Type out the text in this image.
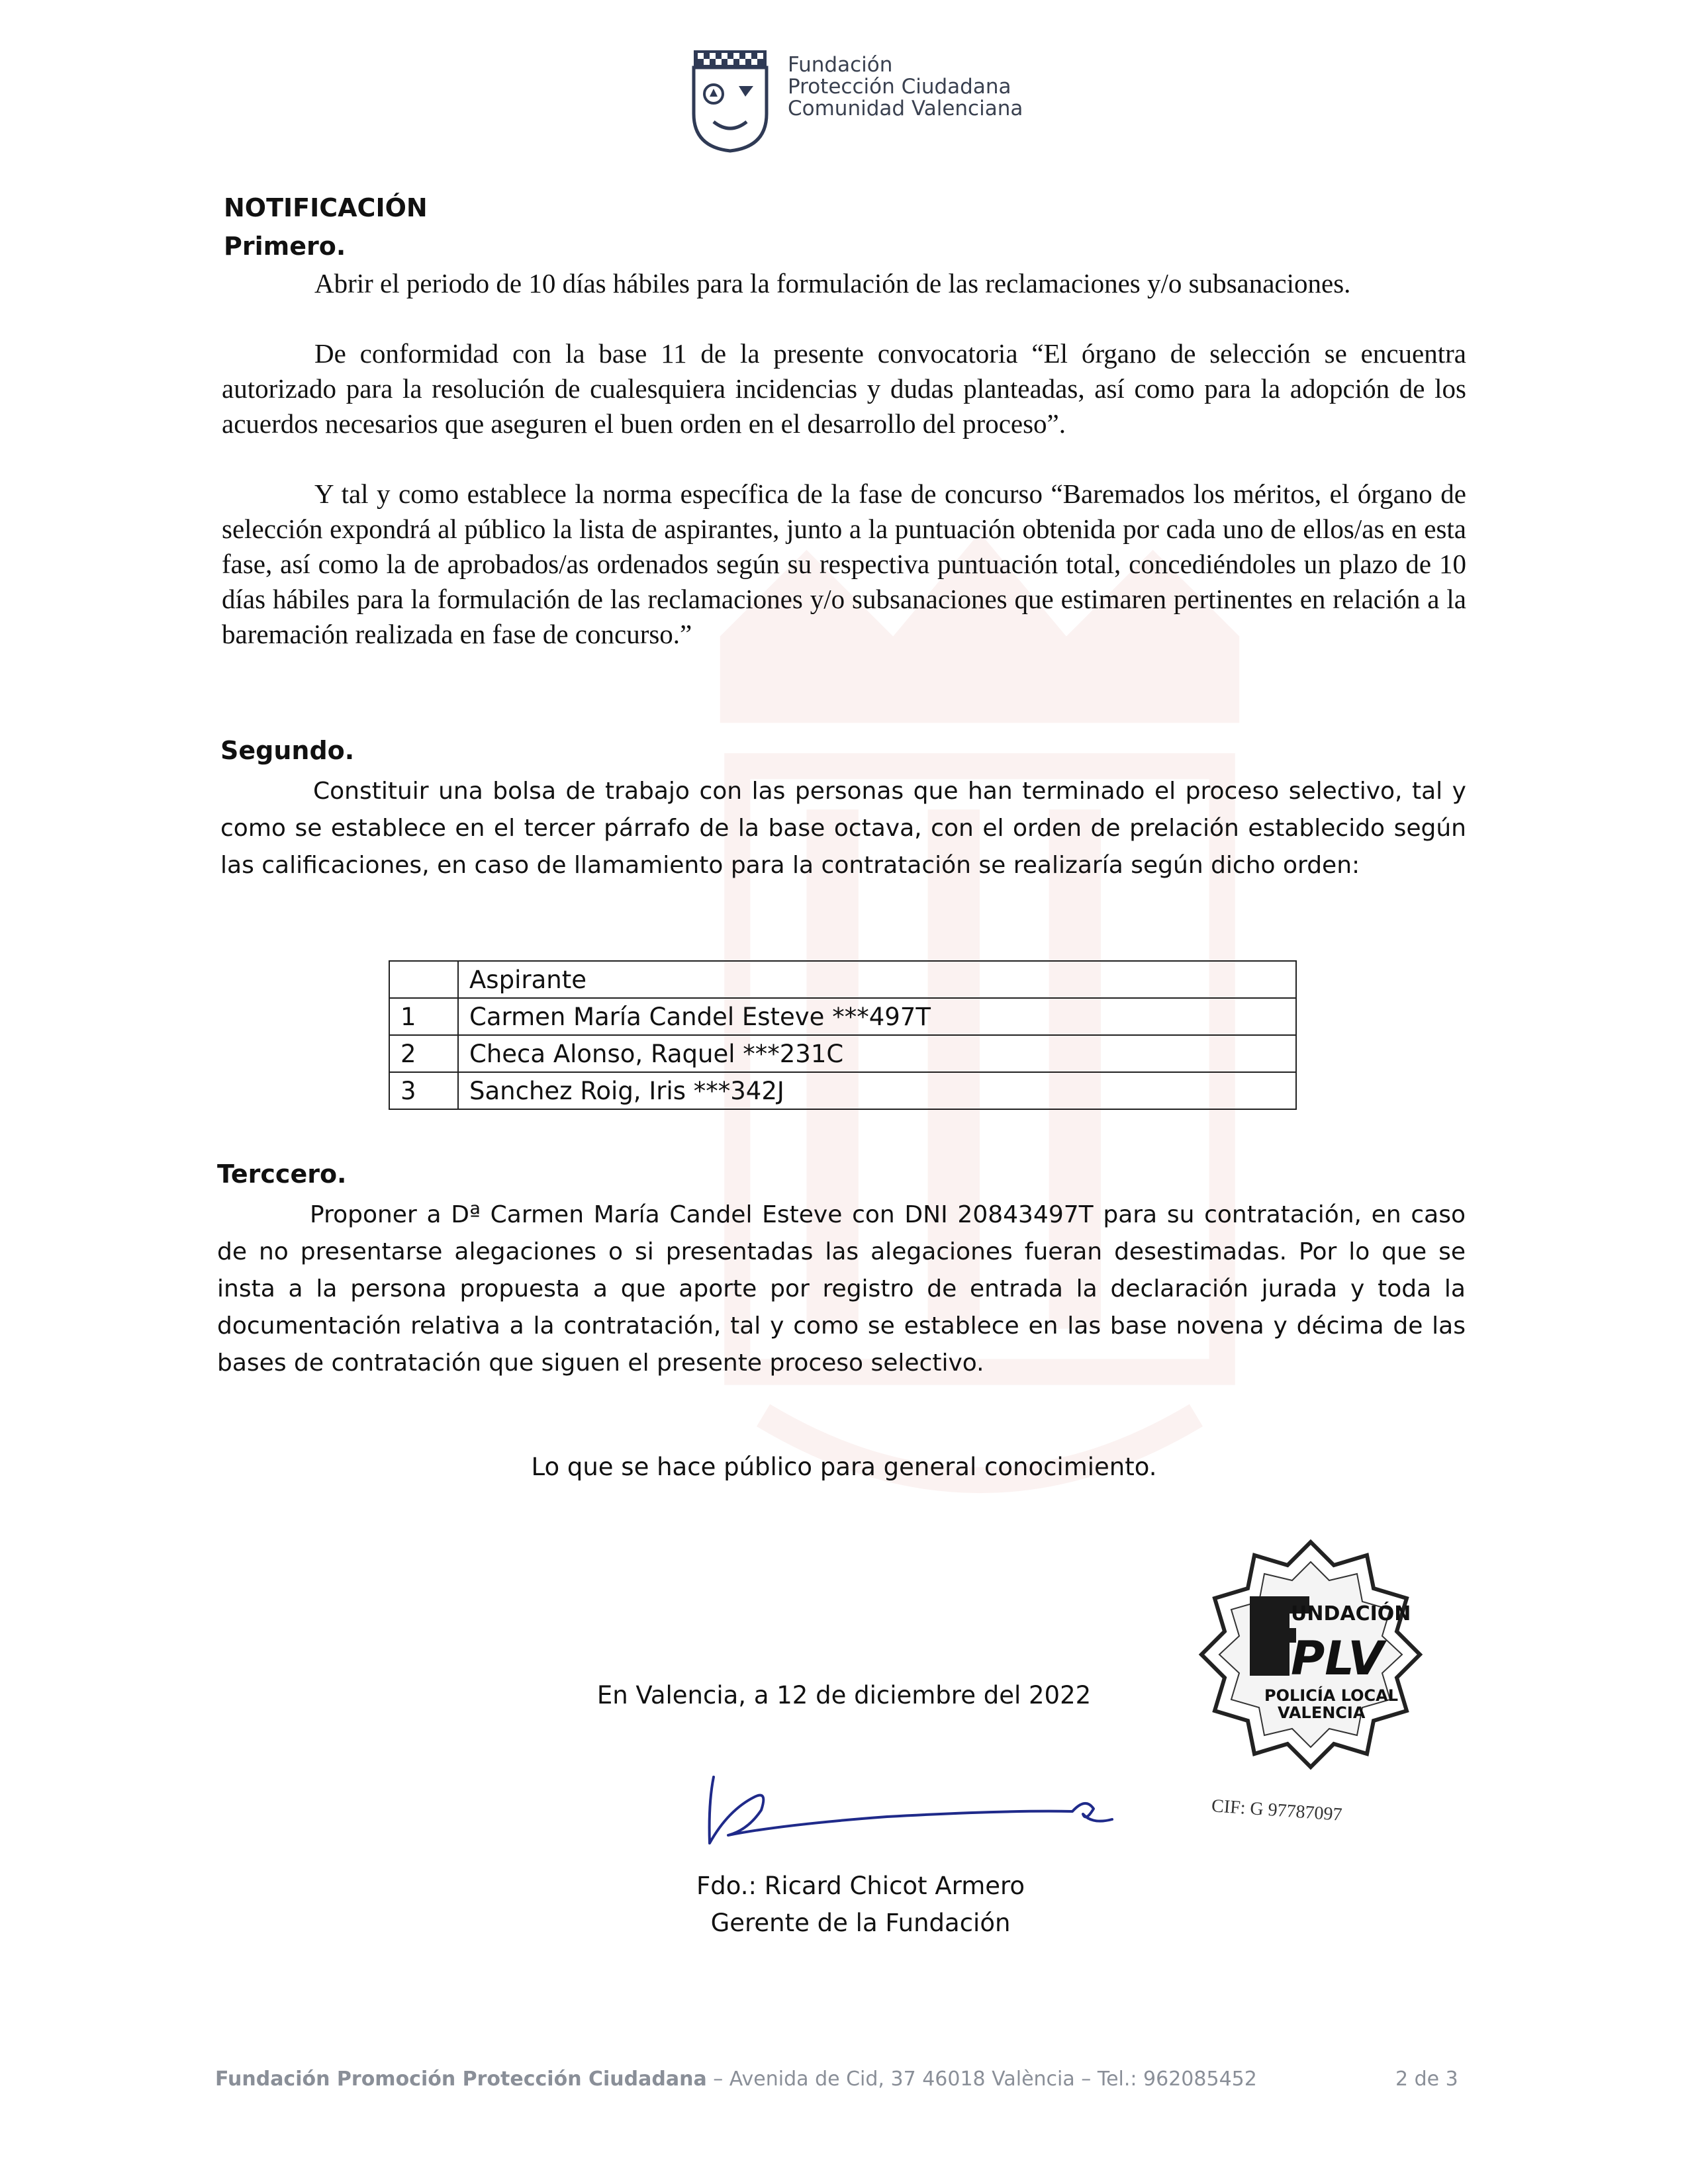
Fundación
Protección Ciudadana
Comunidad Valenciana
NOTIFICACIÓN
Primero.
Abrir el periodo de 10 días hábiles para la formulación de las reclamaciones y/o subsanaciones.
De conformidad con la base 11 de la presente convocatoria “El órgano de selección se encuentra autorizado para la resolución de cualesquiera incidencias y dudas planteadas, así como para la adopción de los acuerdos necesarios que aseguren el buen orden en el desarrollo del proceso”.
Y tal y como establece la norma específica de la fase de concurso “Baremados los méritos, el órgano de selección expondrá al público la lista de aspirantes, junto a la puntuación obtenida por cada uno de ellos/as en esta fase, así como la de aprobados/as ordenados según su respectiva puntuación total, concediéndoles un plazo de 10 días hábiles para la formulación de las reclamaciones y/o subsanaciones que estimaren pertinentes en relación a la baremación realizada en fase de concurso.”
Segundo.
Constituir una bolsa de trabajo con las personas que han terminado el proceso selectivo, tal y como se establece en el tercer párrafo de la base octava, con el orden de prelación establecido según las calificaciones, en caso de llamamiento para la contratación se realizaría según dicho orden:
	Aspirante
1	Carmen María Candel Esteve ***497T
2	Checa Alonso, Raquel ***231C
3	Sanchez Roig, Iris ***342J
Terccero.
Proponer a Dª Carmen María Candel Esteve con DNI 20843497T para su contratación, en caso de no presentarse alegaciones o si presentadas las alegaciones fueran desestimadas. Por lo que se insta a la persona propuesta a que aporte por registro de entrada la declaración jurada y toda la documentación relativa a la contratación, tal y como se establece en las base novena y décima de las bases de contratación que siguen el presente proceso selectivo.
Lo que se hace público para general conocimiento.
En Valencia, a 12 de diciembre del 2022
Fdo.: Ricard Chicot Armero
Gerente de la Fundación
UNDACIÓN
PLV
POLICÍA LOCAL
VALENCIA
CIF: G 97787097
Fundación Promoción Protección Ciudadana – Avenida de Cid, 37 46018 València – Tel.: 962085452	2 de 3
